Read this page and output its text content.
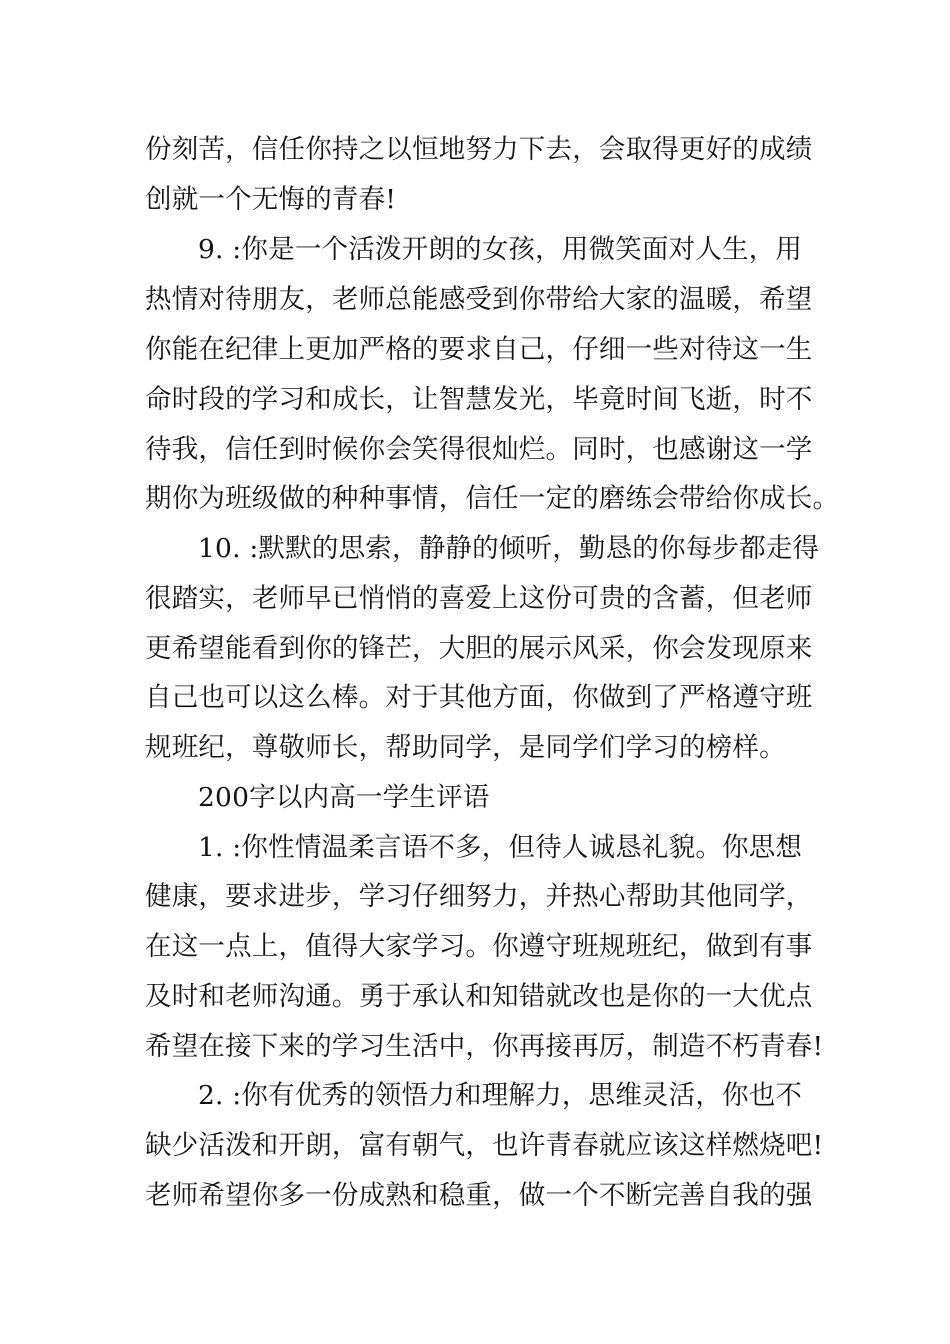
份刻苦，信任你持之以恒地努力下去，会取得更好的成绩
创就一个无悔的青春!
9. :你是一个活泼开朗的女孩，用微笑面对人生，用
热情对待朋友，老师总能感受到你带给大家的温暖，希望
你能在纪律上更加严格的要求自己，仔细一些对待这一生
命时段的学习和成长，让智慧发光，毕竟时间飞逝，时不
待我，信任到时候你会笑得很灿烂。同时，也感谢这一学
期你为班级做的种种事情，信任一定的磨练会带给你成长。
10. :默默的思索，静静的倾听，勤恳的你每步都走得
很踏实，老师早已悄悄的喜爱上这份可贵的含蓄，但老师
更希望能看到你的锋芒，大胆的展示风采，你会发现原来
自己也可以这么棒。对于其他方面，你做到了严格遵守班
规班纪，尊敬师长，帮助同学，是同学们学习的榜样。
200字以内高一学生评语
1. :你性情温柔言语不多，但待人诚恳礼貌。你思想
健康，要求进步，学习仔细努力，并热心帮助其他同学，
在这一点上，值得大家学习。你遵守班规班纪，做到有事
及时和老师沟通。勇于承认和知错就改也是你的一大优点
希望在接下来的学习生活中，你再接再厉，制造不朽青春!
2. :你有优秀的领悟力和理解力，思维灵活，你也不
缺少活泼和开朗，富有朝气，也许青春就应该这样燃烧吧!
老师希望你多一份成熟和稳重，做一个不断完善自我的强
